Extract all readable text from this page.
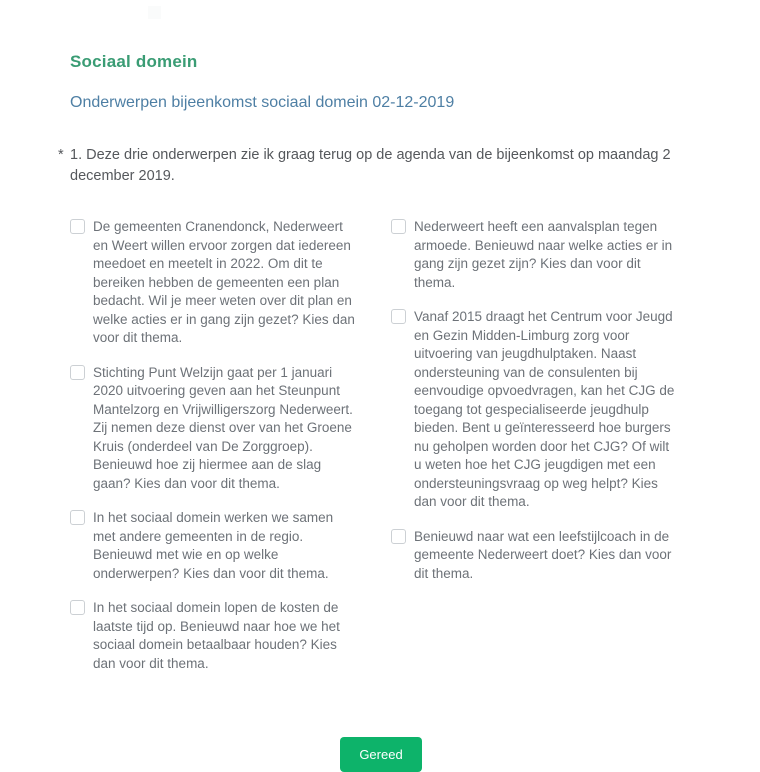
Sociaal domein
Onderwerpen bijeenkomst sociaal domein 02-12-2019
* 1. Deze drie onderwerpen zie ik graag terug op de agenda van de bijeenkomst op maandag 2 december 2019.
De gemeenten Cranendonck, Nederweert en Weert willen ervoor zorgen dat iedereen meedoet en meetelt in 2022. Om dit te bereiken hebben de gemeenten een plan bedacht. Wil je meer weten over dit plan en welke acties er in gang zijn gezet? Kies dan voor dit thema.
Stichting Punt Welzijn gaat per 1 januari 2020 uitvoering geven aan het Steunpunt Mantelzorg en Vrijwilligerszorg Nederweert. Zij nemen deze dienst over van het Groene Kruis (onderdeel van De Zorggroep). Benieuwd hoe zij hiermee aan de slag gaan? Kies dan voor dit thema.
In het sociaal domein werken we samen met andere gemeenten in de regio. Benieuwd met wie en op welke onderwerpen? Kies dan voor dit thema.
In het sociaal domein lopen de kosten de laatste tijd op. Benieuwd naar hoe we het sociaal domein betaalbaar houden? Kies dan voor dit thema.
Nederweert heeft een aanvalsplan tegen armoede. Benieuwd naar welke acties er in gang zijn gezet zijn? Kies dan voor dit thema.
Vanaf 2015 draagt het Centrum voor Jeugd en Gezin Midden-Limburg zorg voor uitvoering van jeugdhulptaken. Naast ondersteuning van de consulenten bij eenvoudige opvoedvragen, kan het CJG de toegang tot gespecialiseerde jeugdhulp bieden. Bent u geïnteresseerd hoe burgers nu geholpen worden door het CJG? Of wilt u weten hoe het CJG jeugdigen met een ondersteuningsvraag op weg helpt? Kies dan voor dit thema.
Benieuwd naar wat een leefstijlcoach in de gemeente Nederweert doet? Kies dan voor dit thema.
Gereed
